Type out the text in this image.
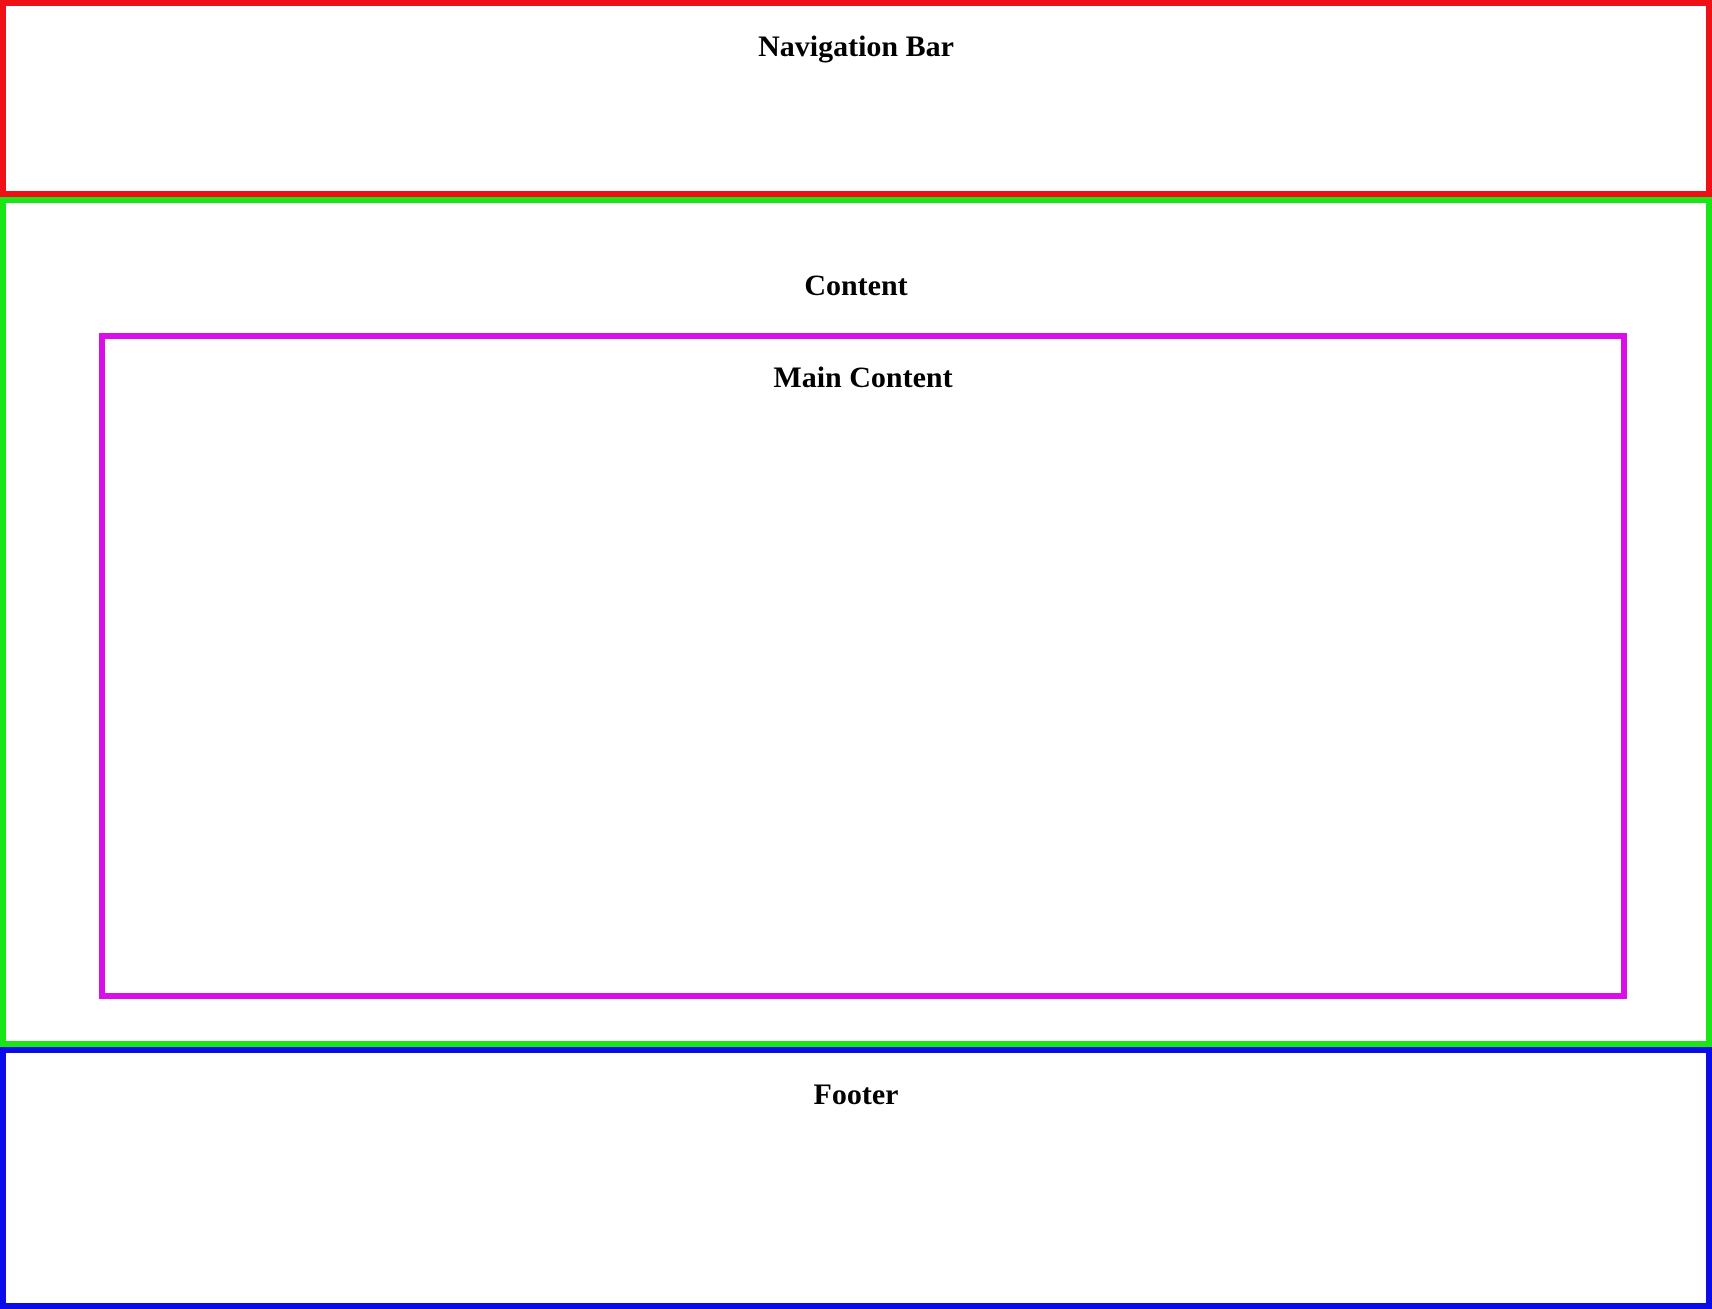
Navigation Bar
Content
Main Content
Footer
